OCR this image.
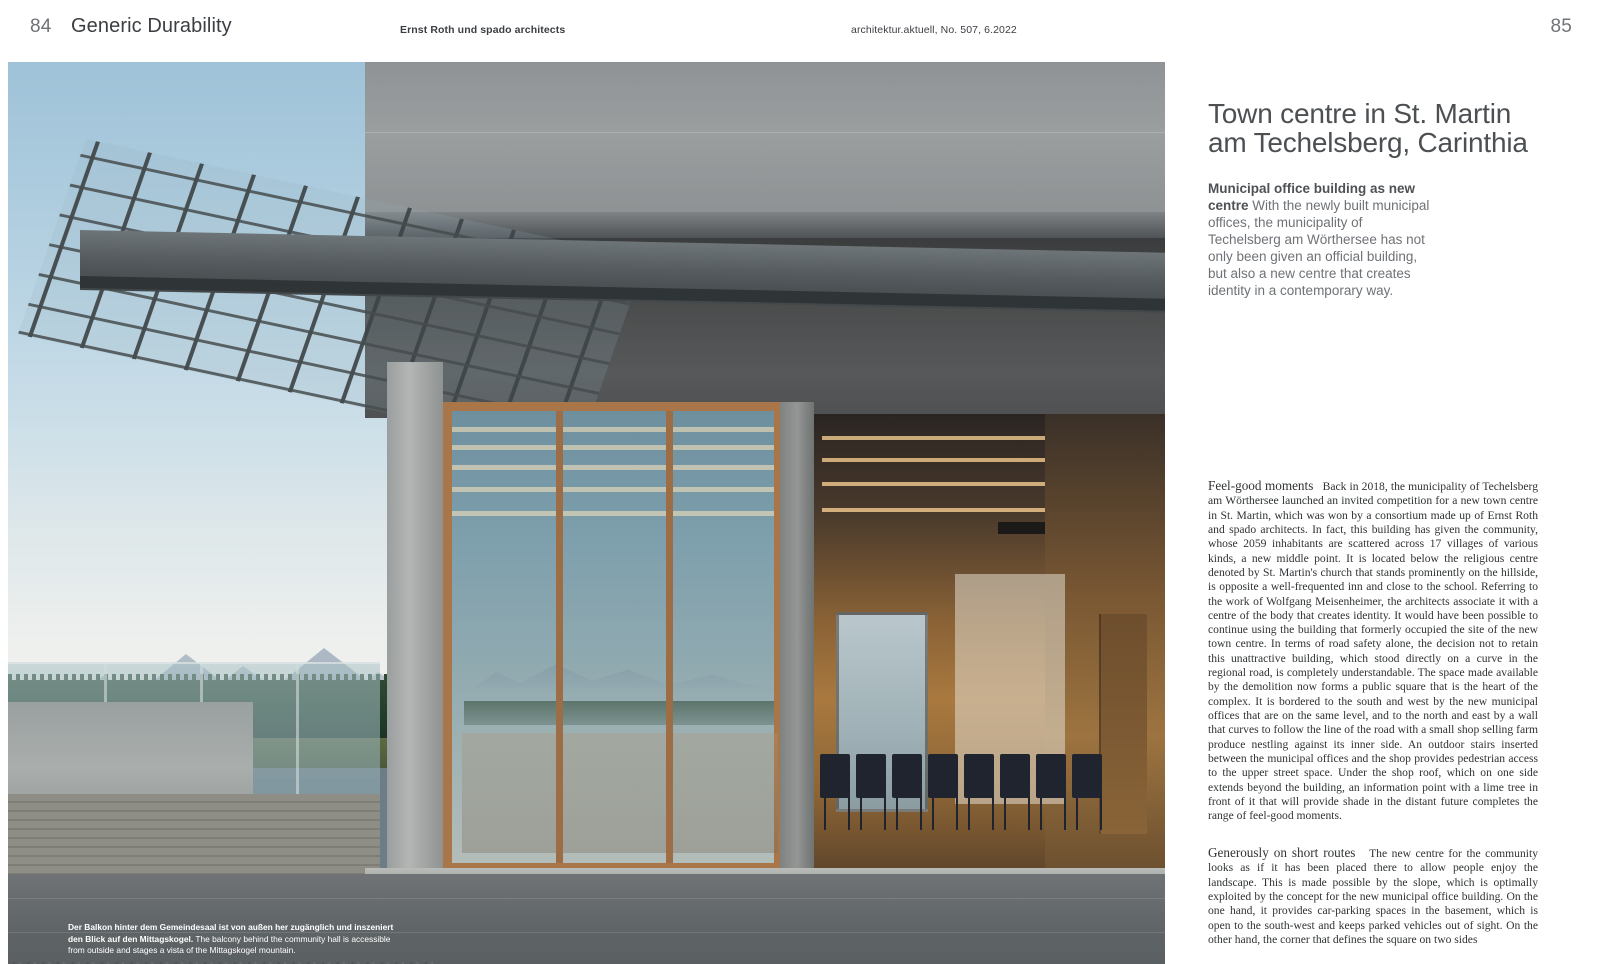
84 Generic Durability	Ernst Roth und spado architects	architektur.aktuell, No. 507, 6.2022	85
Der Balkon hinter dem Gemeindesaal ist von außen her zugänglich und inszeniert den Blick auf den Mittagskogel. The balcony behind the community hall is accessible from outside and stages a vista of the Mittagskogel mountain.
Town centre in St. Martin am Techelsberg, Carinthia

Municipal office building as new centre With the newly built municipal offices, the municipality of Techelsberg am Wörthersee has not only been given an official building, but also a new centre that creates identity in a contemporary way.

Feel-good moments Back in 2018, the municipality of Techelsberg am Wörthersee launched an invited competition for a new town centre in St. Martin, which was won by a consortium made up of Ernst Roth and spado architects. In fact, this building has given the community, whose 2059 inhabitants are scattered across 17 villages of various kinds, a new middle point. It is located below the religious centre denoted by St. Martin's church that stands prominently on the hillside, is opposite a well-frequented inn and close to the school. Referring to the work of Wolfgang Meisenheimer, the architects associate it with a centre of the body that creates identity. It would have been possible to continue using the building that formerly occupied the site of the new town centre. In terms of road safety alone, the decision not to retain this unattractive building, which stood directly on a curve in the regional road, is completely understandable. The space made available by the demolition now forms a public square that is the heart of the complex. It is bordered to the south and west by the new municipal offices that are on the same level, and to the north and east by a wall that curves to follow the line of the road with a small shop selling farm produce nestling against its inner side. An outdoor stairs inserted between the municipal offices and the shop provides pedestrian access to the upper street space. Under the shop roof, which on one side extends beyond the building, an information point with a lime tree in front of it that will provide shade in the distant future completes the range of feel-good moments.
Generously on short routes The new centre for the community looks as if it has been placed there to allow people enjoy the landscape. This is made possible by the slope, which is optimally exploited by the concept for the new municipal office building. On the one hand, it provides car-parking spaces in the basement, which is open to the south-west and keeps parked vehicles out of sight. On the other hand, the corner that defines the square on two sides
